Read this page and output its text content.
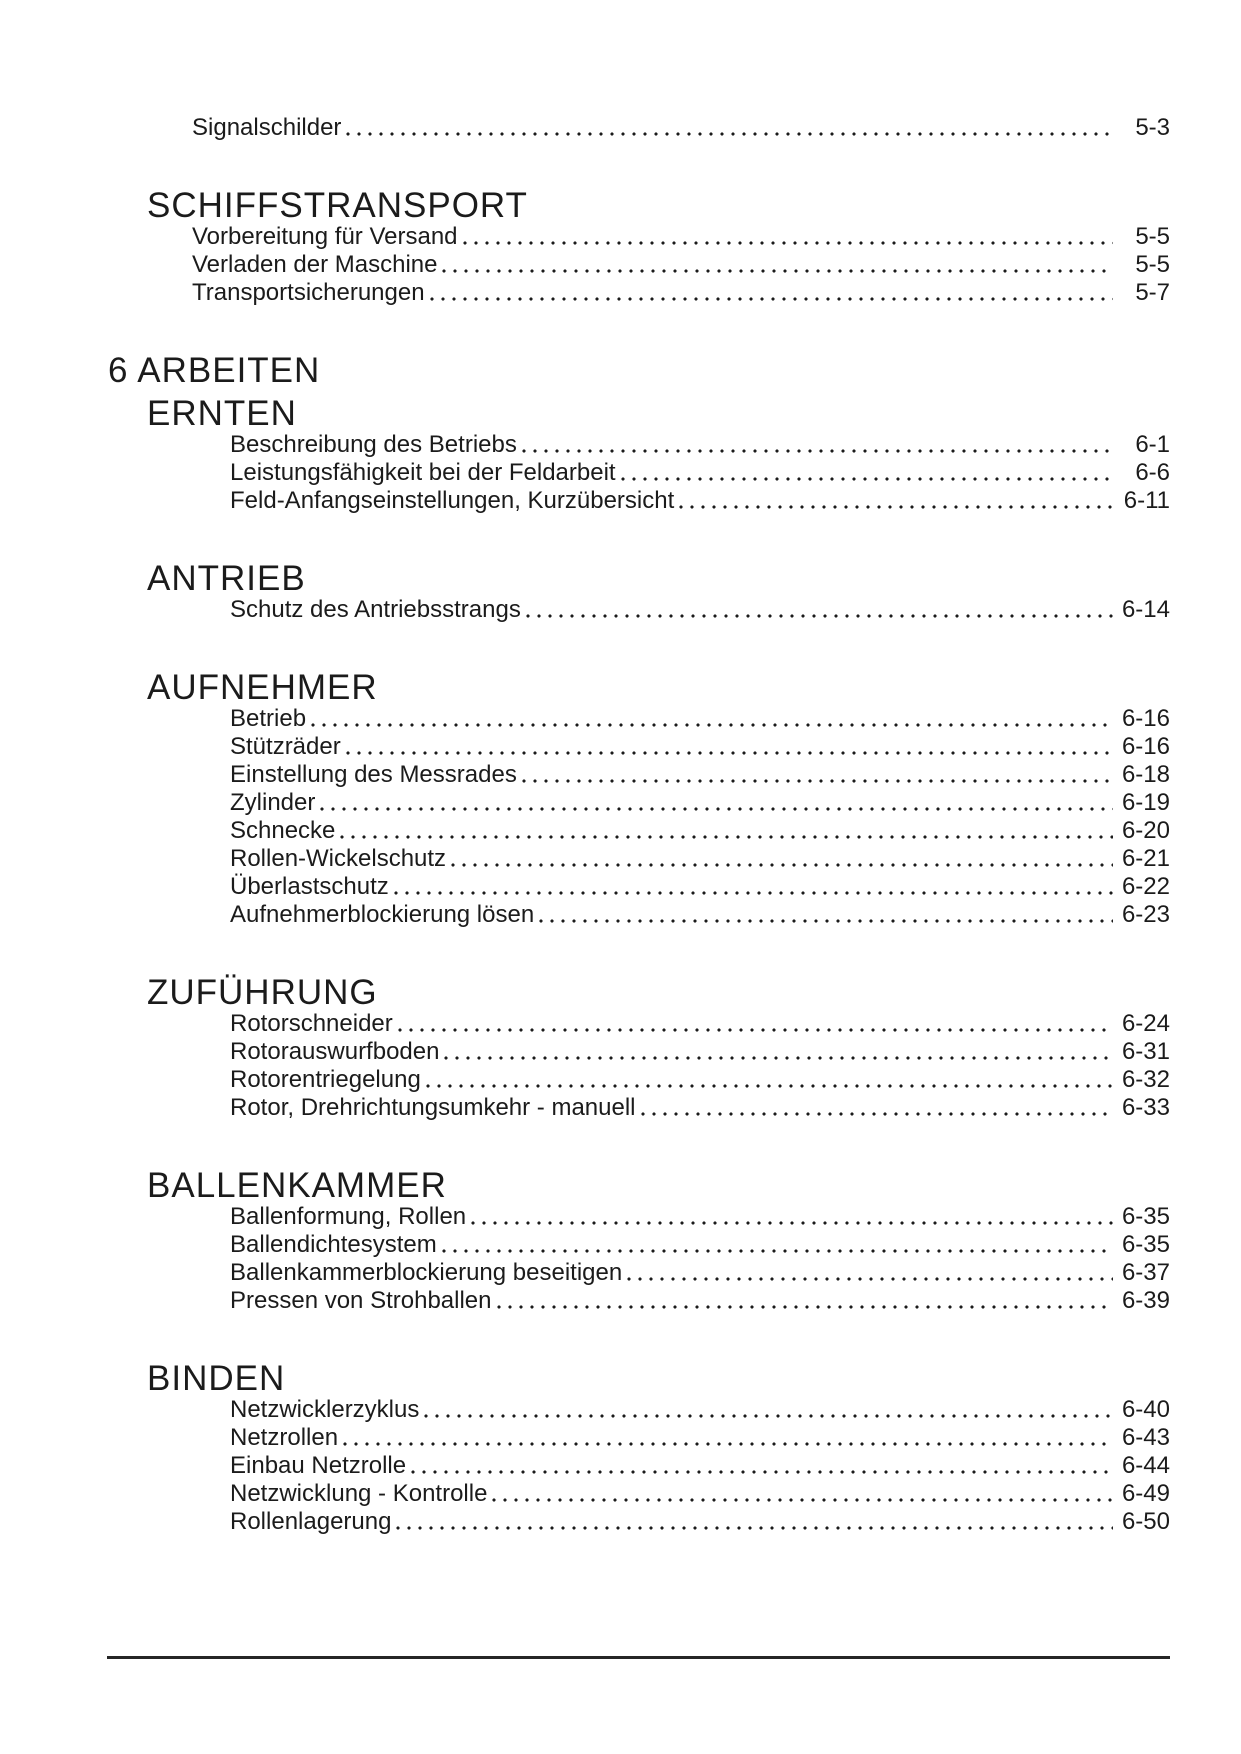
Signalschilder	5-3
SCHIFFSTRANSPORT
Vorbereitung für Versand	5-5
Verladen der Maschine	5-5
Transportsicherungen	5-7
6 ARBEITEN
ERNTEN
Beschreibung des Betriebs	6-1
Leistungsfähigkeit bei der Feldarbeit	6-6
Feld-Anfangseinstellungen, Kurzübersicht	6-11
ANTRIEB
Schutz des Antriebsstrangs	6-14
AUFNEHMER
Betrieb	6-16
Stützräder	6-16
Einstellung des Messrades	6-18
Zylinder	6-19
Schnecke	6-20
Rollen-Wickelschutz	6-21
Überlastschutz	6-22
Aufnehmerblockierung lösen	6-23
ZUFÜHRUNG
Rotorschneider	6-24
Rotorauswurfboden	6-31
Rotorentriegelung	6-32
Rotor, Drehrichtungsumkehr - manuell	6-33
BALLENKAMMER
Ballenformung, Rollen	6-35
Ballendichtesystem	6-35
Ballenkammerblockierung beseitigen	6-37
Pressen von Strohballen	6-39
BINDEN
Netzwicklerzyklus	6-40
Netzrollen	6-43
Einbau Netzrolle	6-44
Netzwicklung - Kontrolle	6-49
Rollenlagerung	6-50
